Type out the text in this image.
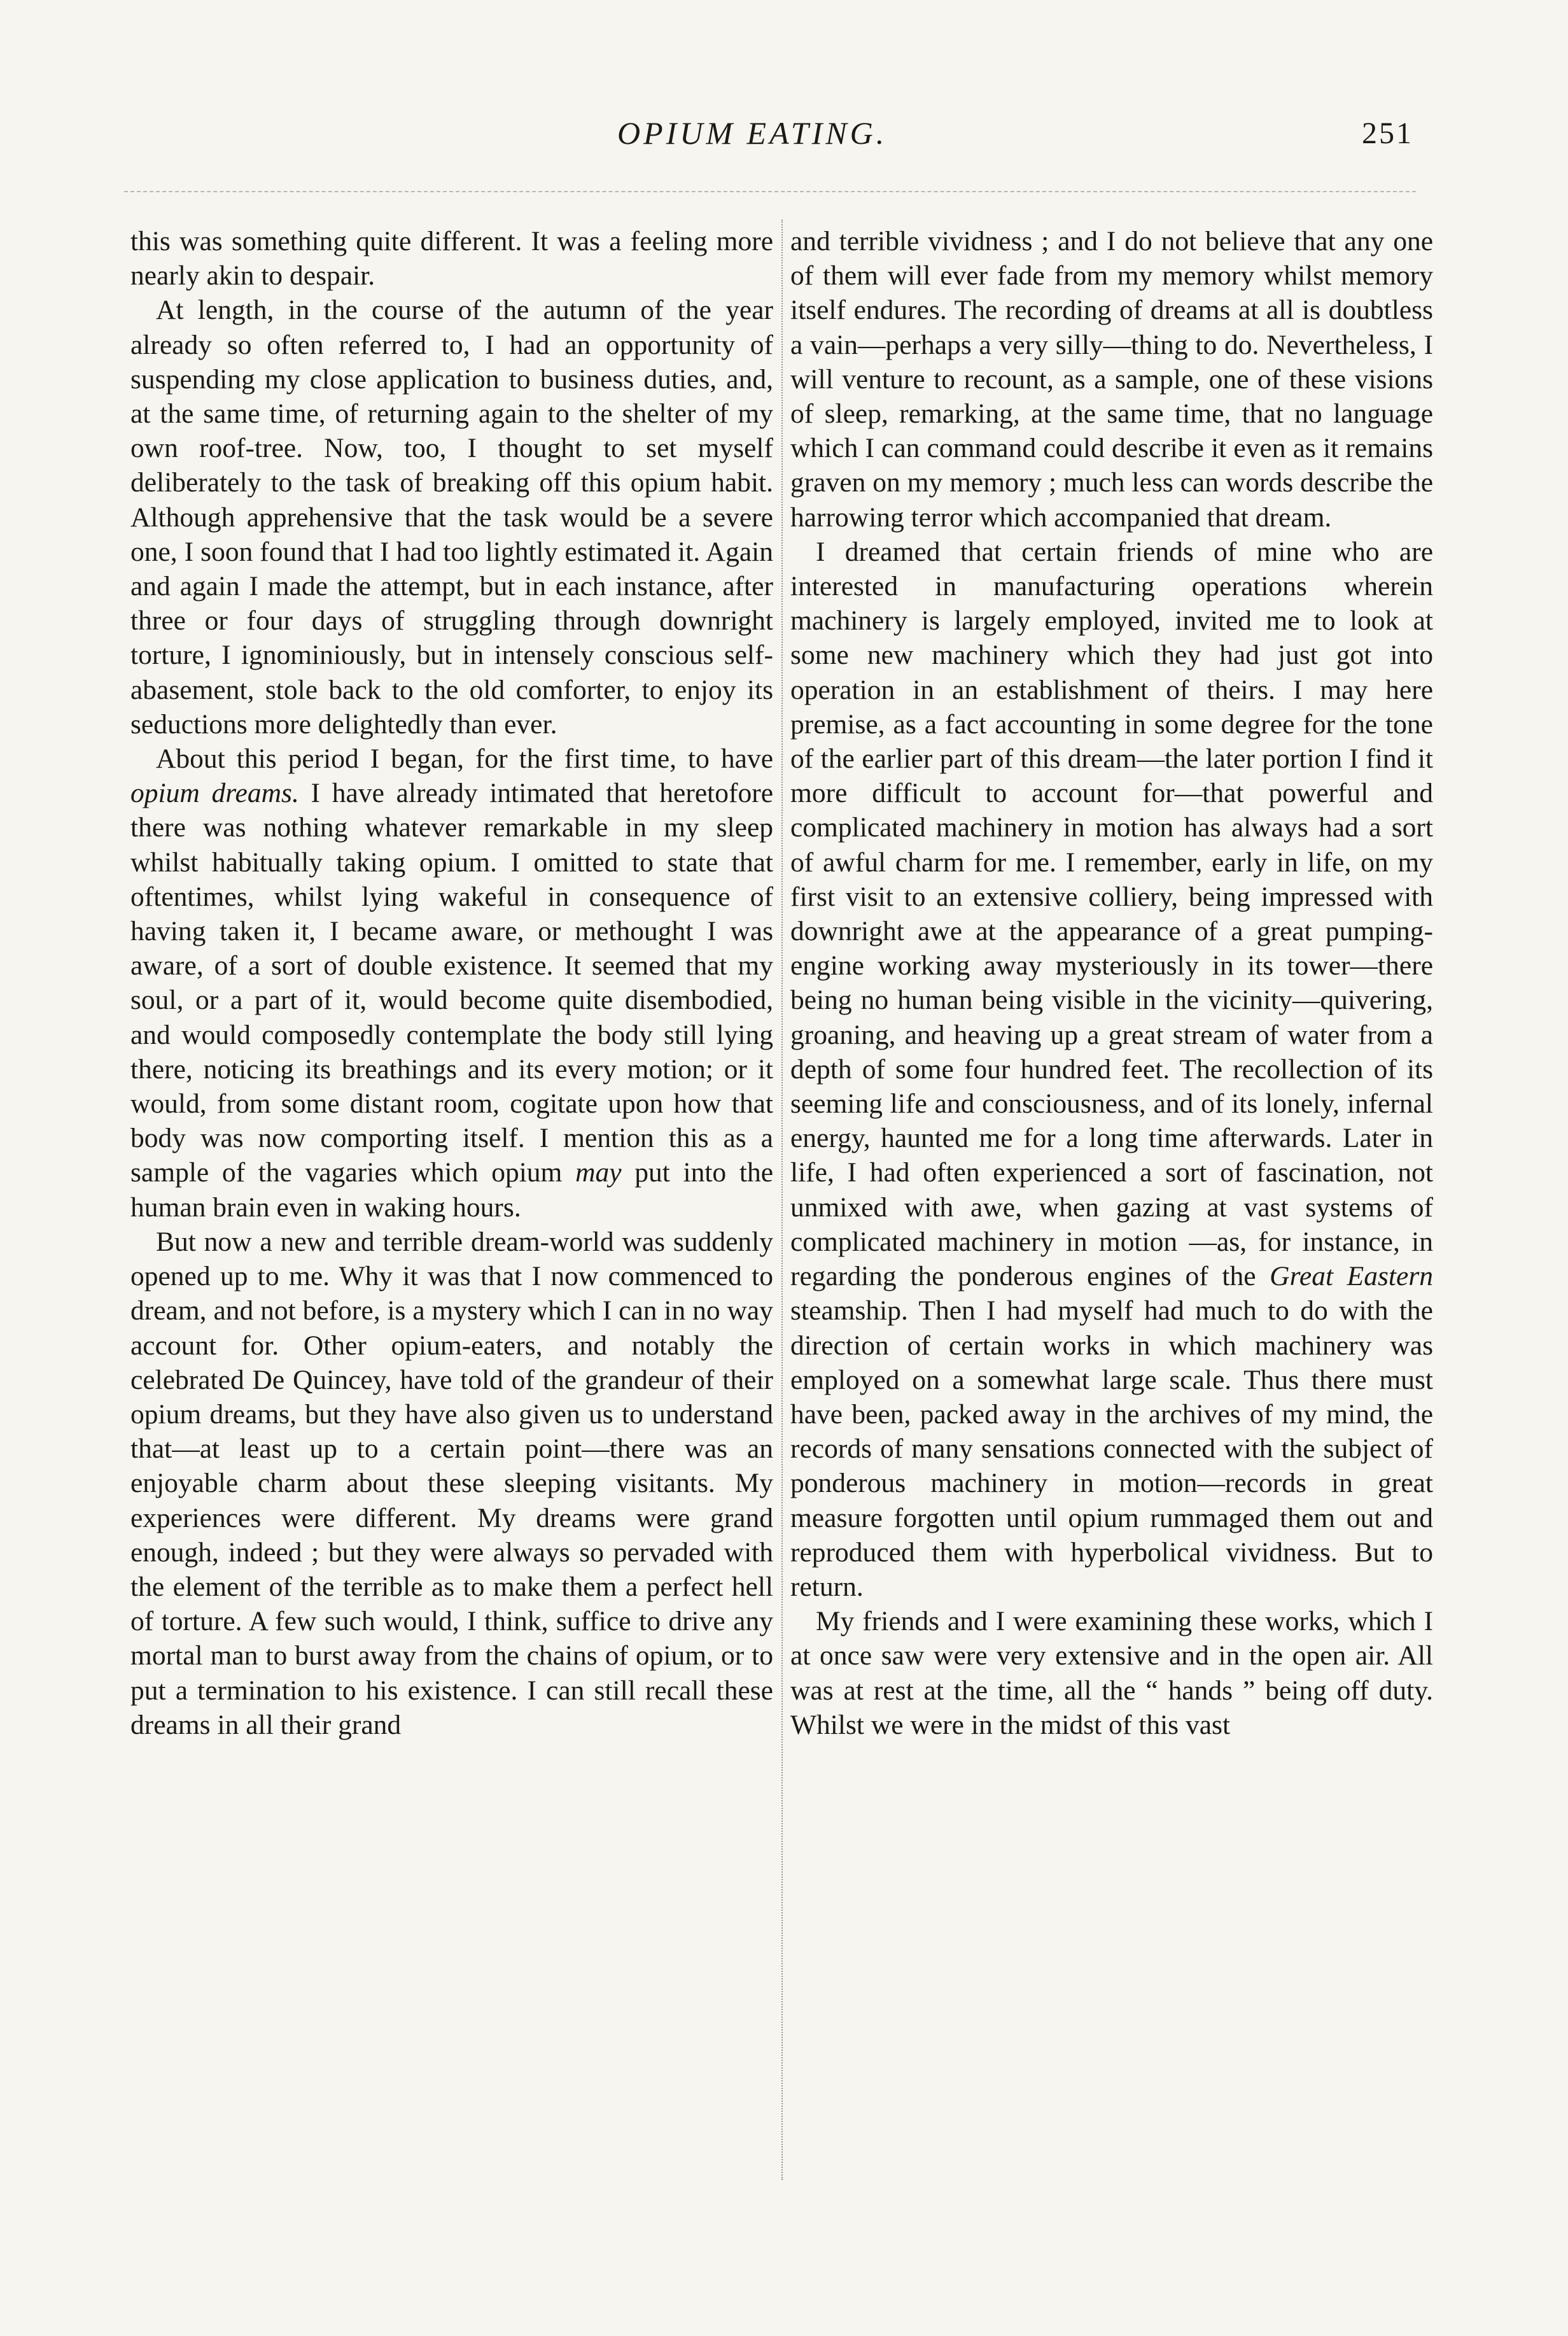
OPIUM EATING.	251

this was something quite different. It was a feeling more nearly akin to despair.

At length, in the course of the autumn of the year already so often referred to, I had an opportunity of suspending my close application to business duties, and, at the same time, of returning again to the shelter of my own roof-tree. Now, too, I thought to set myself deliberately to the task of breaking off this opium habit. Although apprehensive that the task would be a severe one, I soon found that I had too lightly estimated it. Again and again I made the attempt, but in each instance, after three or four days of struggling through downright torture, I ignominiously, but in intensely conscious self-abasement, stole back to the old comforter, to enjoy its seductions more delightedly than ever.

About this period I began, for the first time, to have opium dreams. I have already intimated that heretofore there was nothing whatever remarkable in my sleep whilst habitually taking opium. I omitted to state that oftentimes, whilst lying wakeful in consequence of having taken it, I became aware, or methought I was aware, of a sort of double existence. It seemed that my soul, or a part of it, would become quite disembodied, and would composedly contemplate the body still lying there, noticing its breathings and its every motion; or it would, from some distant room, cogitate upon how that body was now comporting itself. I mention this as a sample of the vagaries which opium may put into the human brain even in waking hours.

But now a new and terrible dream-world was suddenly opened up to me. Why it was that I now commenced to dream, and not before, is a mystery which I can in no way account for. Other opium-eaters, and notably the celebrated De Quincey, have told of the grandeur of their opium dreams, but they have also given us to understand that—at least up to a certain point—there was an enjoyable charm about these sleeping visitants. My experiences were different. My dreams were grand enough, indeed ; but they were always so pervaded with the element of the terrible as to make them a perfect hell of torture. A few such would, I think, suffice to drive any mortal man to burst away from the chains of opium, or to put a termination to his existence. I can still recall these dreams in all their grand

and terrible vividness ; and I do not believe that any one of them will ever fade from my memory whilst memory itself endures. The recording of dreams at all is doubtless a vain—perhaps a very silly—thing to do. Nevertheless, I will venture to recount, as a sample, one of these visions of sleep, remarking, at the same time, that no language which I can command could describe it even as it remains graven on my memory ; much less can words describe the harrowing terror which accompanied that dream.

I dreamed that certain friends of mine who are interested in manufacturing operations wherein machinery is largely employed, invited me to look at some new machinery which they had just got into operation in an establishment of theirs. I may here premise, as a fact accounting in some degree for the tone of the earlier part of this dream—the later portion I find it more difficult to account for—that powerful and complicated machinery in motion has always had a sort of awful charm for me. I remember, early in life, on my first visit to an extensive colliery, being impressed with downright awe at the appearance of a great pumping-engine working away mysteriously in its tower—there being no human being visible in the vicinity—quivering, groaning, and heaving up a great stream of water from a depth of some four hundred feet. The recollection of its seeming life and consciousness, and of its lonely, infernal energy, haunted me for a long time afterwards. Later in life, I had often experienced a sort of fascination, not unmixed with awe, when gazing at vast systems of complicated machinery in motion —as, for instance, in regarding the ponderous engines of the Great Eastern steamship. Then I had myself had much to do with the direction of certain works in which machinery was employed on a somewhat large scale. Thus there must have been, packed away in the archives of my mind, the records of many sensations connected with the subject of ponderous machinery in motion—records in great measure forgotten until opium rummaged them out and reproduced them with hyperbolical vividness. But to return.

My friends and I were examining these works, which I at once saw were very extensive and in the open air. All was at rest at the time, all the “ hands ” being off duty. Whilst we were in the midst of this vast
